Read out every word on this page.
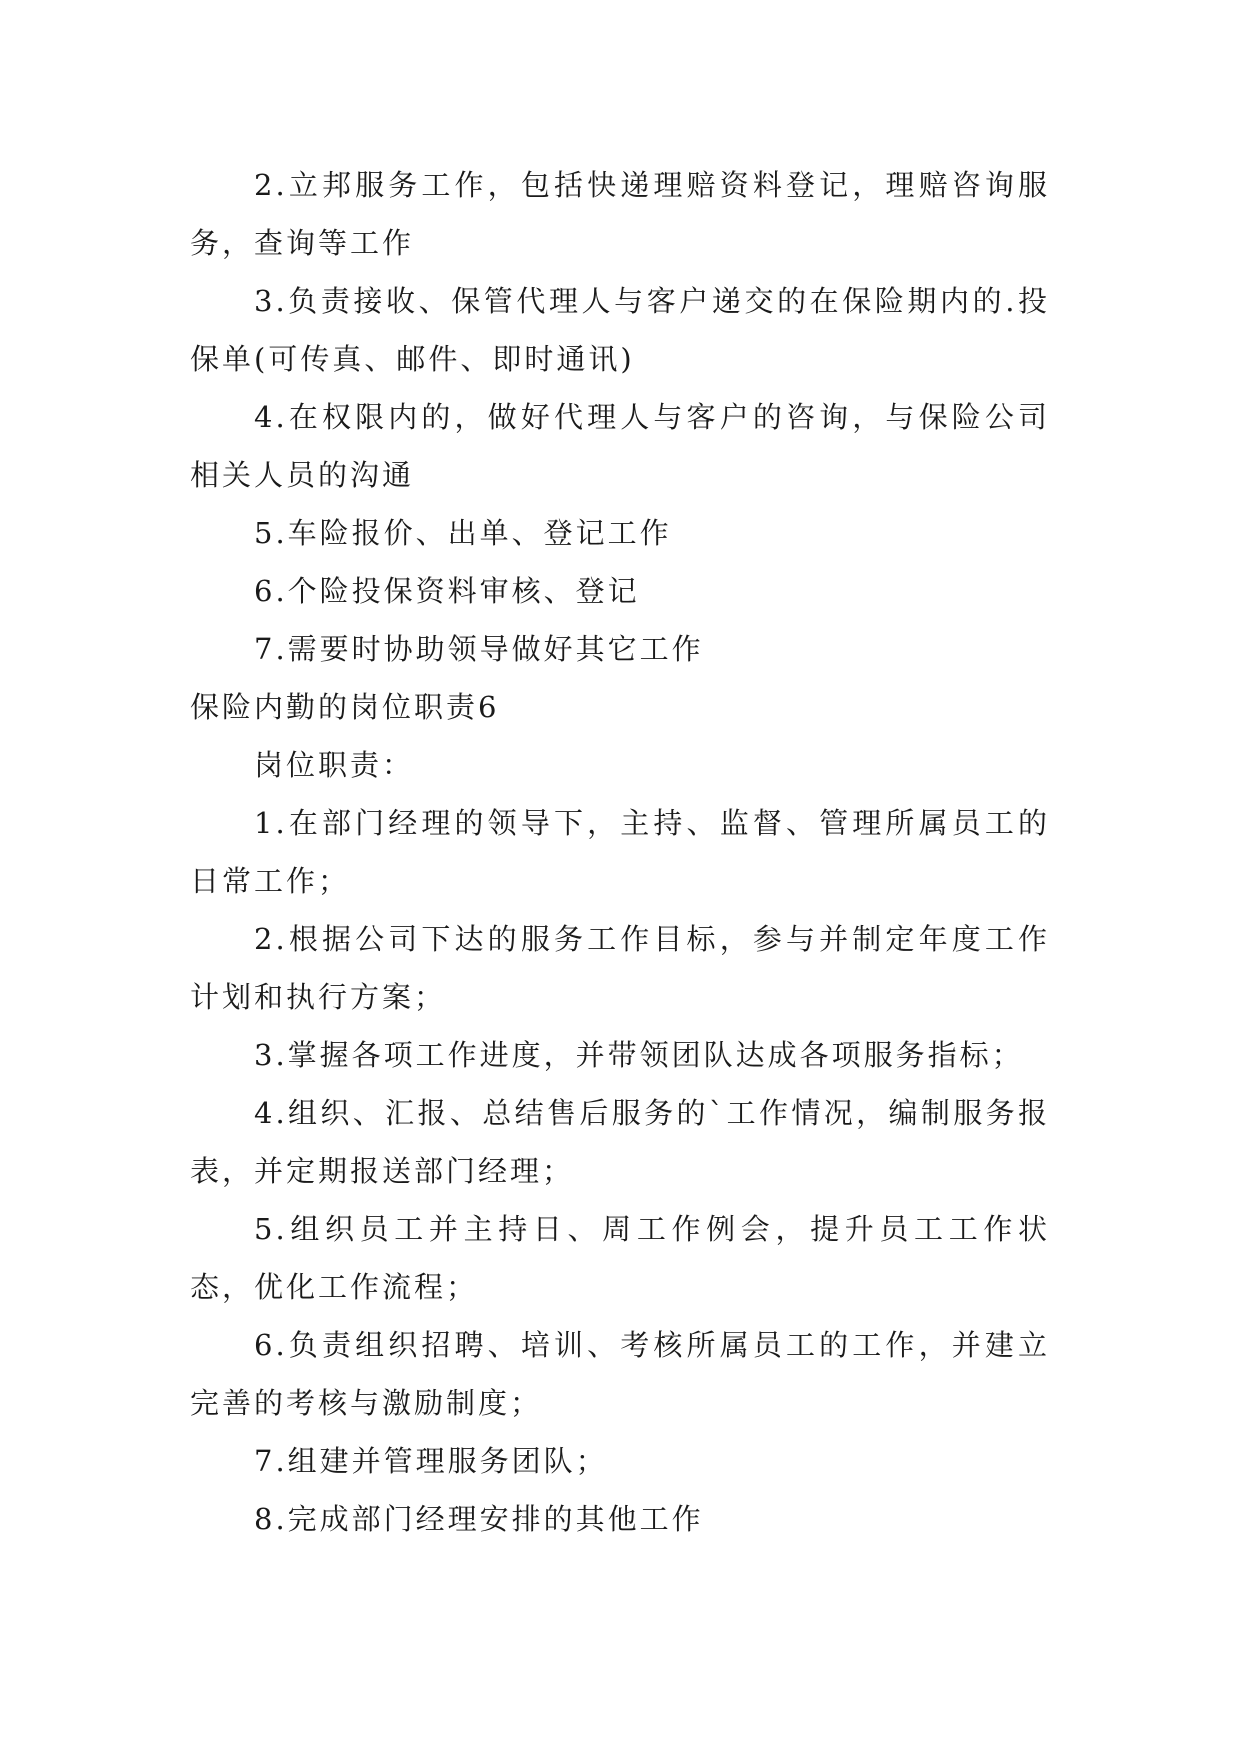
2.立邦服务工作，包括快递理赔资料登记，理赔咨询服务，查询等工作

3.负责接收、保管代理人与客户递交的在保险期内的.投保单(可传真、邮件、即时通讯)

4.在权限内的，做好代理人与客户的咨询，与保险公司相关人员的沟通

5.车险报价、出单、登记工作

6.个险投保资料审核、登记

7.需要时协助领导做好其它工作

保险内勤的岗位职责6

岗位职责：

1.在部门经理的领导下，主持、监督、管理所属员工的日常工作；

2.根据公司下达的服务工作目标，参与并制定年度工作计划和执行方案；

3.掌握各项工作进度，并带领团队达成各项服务指标；

4.组织、汇报、总结售后服务的`工作情况，编制服务报表，并定期报送部门经理；

5.组织员工并主持日、周工作例会，提升员工工作状态，优化工作流程；

6.负责组织招聘、培训、考核所属员工的工作，并建立完善的考核与激励制度；

7.组建并管理服务团队；

8.完成部门经理安排的其他工作
